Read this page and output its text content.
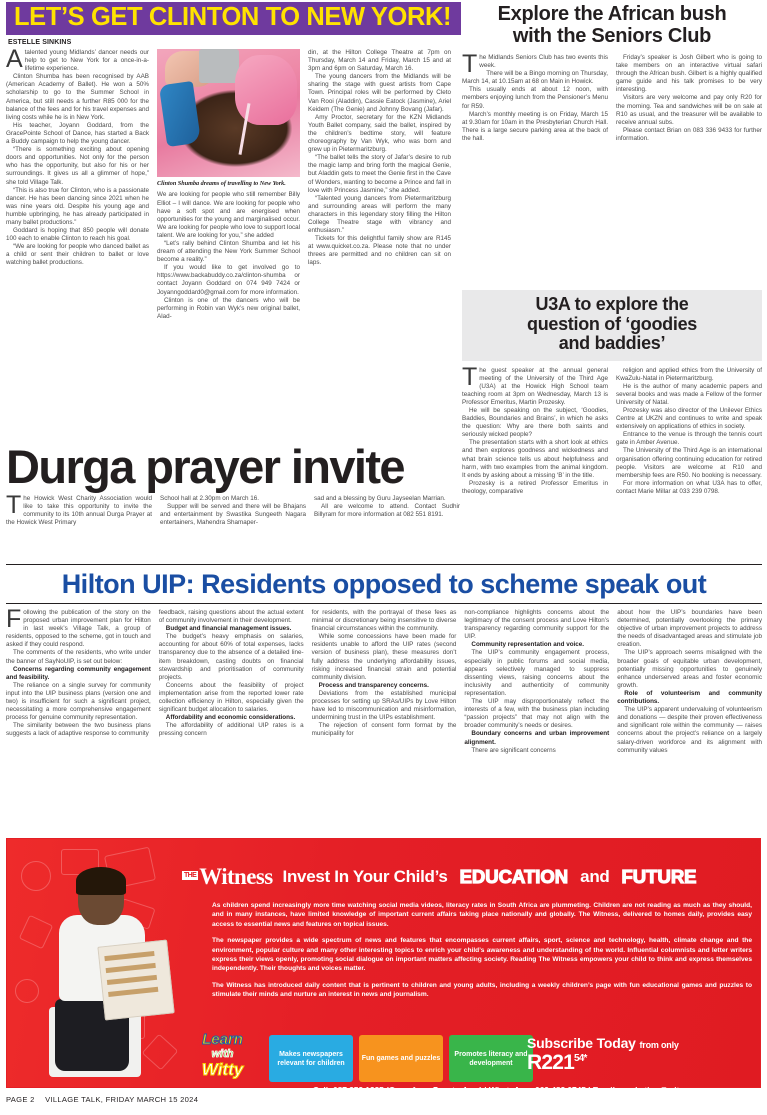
LET’S GET CLINTON TO NEW YORK!
ESTELLE SINKINS

Atalented young Midlands’ dancer needs our help to get to New York for a once-in-a-lifetime experience.

Clinton Shumba has been recognised by AAB (American Academy of Ballet). He won a 50% scholarship to go to the Summer School in America, but still needs a further R85 000 for the balance of the fees and for his travel expenses and living costs while he is in New York.

His teacher, Joyann Goddard, from the GracePointe School of Dance, has started a Back a Buddy campaign to help the young dancer.

“There is something exciting about opening doors and opportunities. Not only for the person who has the opportunity, but also for his or her surroundings. It gives us all a glimmer of hope,” she told Village Talk.

“This is also true for Clinton, who is a passionate dancer. He has been dancing since 2021 when he was nine years old. Despite his young age and humble upbringing, he has already participated in many ballet productions.”

Goddard is hoping that 850 people will donate 100 each to enable Clinton to reach his goal.

“We are looking for people who danced ballet as a child or sent their children to ballet or love watching ballet productions.

Clinton Shumba dreams of travelling to New York.

We are looking for people who still remember Billy Elliot – I will dance. We are looking for people who have a soft spot and are energised when opportunities for the young and marginalised occur. We are looking for people who love to support local talent. We are looking for you,” she added

“Let’s rally behind Clinton Shumba and let his dream of attending the New York Summer School become a reality.”

If you would like to get involved go to https://www.backabuddy.co.za/clinton-shumba or contact Joyann Goddard on 074 949 7424 or Joyanngoddard0@gmail.com for more information.

Clinton is one of the dancers who will be performing in Robin van Wyk’s new original ballet, Alad-

din, at the Hilton College Theatre at 7pm on Thursday, March 14 and Friday, March 15 and at 3pm and 6pm on Saturday, March 16.

The young dancers from the Midlands will be sharing the stage with guest artists from Cape Town. Principal roles will be performed by Cleto Van Rooi (Aladdin), Cassie Eatock (Jasmine), Ariel Keidem (The Genie) and Johnny Bovang (Jafar).

Amy Proctor, secretary for the KZN Midlands Youth Ballet company, said the ballet, inspired by the children’s bedtime story, will feature choreography by Van Wyk, who was born and grew up in Pietermaritzburg.

“The ballet tells the story of Jafar’s desire to rub the magic lamp and bring forth the magical Genie, but Aladdin gets to meet the Genie first in the Cave of Wonders, wanting to become a Prince and fall in love with Princess Jasmine,” she added.

“Talented young dancers from Pietermaritzburg and surrounding areas will perform the many characters in this legendary story filling the Hilton College Theatre stage with vibrancy and enthusiasm.”

Tickets for this delightful family show are R145 at www.quicket.co.za. Please note that no under threes are permitted and no children can sit on laps.

Explore the African bush
with the Seniors Club

The Midlands Seniors Club has two events this week.

There will be a Bingo morning on Thursday, March 14, at 10.15am at 68 on Main in Howick.

This usually ends at about 12 noon, with members enjoying lunch from the Pensioner’s Menu for R59.

March’s monthly meeting is on Friday, March 15 at 9.30am for 10am in the Presbyterian Church Hall. There is a large secure parking area at the back of the hall.

Friday’s speaker is Josh Gilbert who is going to take members on an interactive virtual safari through the African bush. Gilbert is a highly qualified game guide and his talk promises to be very interesting.

Visitors are very welcome and pay only R20 for the morning. Tea and sandwiches will be on sale at R10 as usual, and the treasurer will be available to receive annual subs.

Please contact Brian on 083 336 9433 for further information.

U3A to explore the
question of ‘goodies
and baddies’

The guest speaker at the annual general meeting of the University of the Third Age (U3A) at the Howick High School team teaching room at 3pm on Wednesday, March 13 is Professor Emeritus, Martin Prozesky.

He will be speaking on the subject, ‘Goodies, Baddies, Boundaries and Brains’, in which he asks the question: Why are there both saints and seriously wicked people?

The presentation starts with a short look at ethics and then explores goodness and wickedness and what brain science tells us about helpfulness and harm, with two examples from the animal kingdom. It ends by asking about a missing ‘B’ in the title.

Prozesky is a retired Professor Emeritus in theology, comparative

religion and applied ethics from the University of KwaZulu-Natal in Pietermaritzburg.

He is the author of many academic papers and several books and was made a Fellow of the former University of Natal.

Prozesky was also director of the Unilever Ethics Centre at UKZN and continues to write and speak extensively on applications of ethics in society.

Entrance to the venue is through the tennis court gate in Amber Avenue.

The University of the Third Age is an international organisation offering continuing education for retired people. Visitors are welcome at R10 and membership fees are R50. No booking is necessary.

For more information on what U3A has to offer, contact Marie Millar at 033 239 0798.

Durga prayer invite

The Howick West Charity Association would like to take this opportunity to invite the community to its 10th annual Durga Prayer at the Howick West Primary

School hall at 2.30pm on March 16.

Supper will be served and there will be Bhajans and entertainment by Swastika Sungeeth Nagara entertainers, Mahendra Shamaper-

sad and a blessing by Guru Jayseelan Marrian.

All are welcome to attend. Contact Sudhir Billyram for more information at 082 551 8191.

Hilton UIP: Residents opposed to scheme speak out

Following the publication of the story on the proposed urban improvement plan for Hilton in last week’s Village Talk, a group of residents, opposed to the scheme, got in touch and asked if they could respond.

The comments of the residents, who write under the banner of SayNoUIP, is set out below:

Concerns regarding community engagement and feasibility.

The reliance on a single survey for community input into the UIP business plans (version one and two) is insufficient for such a significant project, necessitating a more comprehensive engagement process for genuine community representation.

The similarity between the two business plans suggests a lack of adaptive response to community

feedback, raising questions about the actual extent of community involvement in their development.

Budget and financial management issues.

The budget’s heavy emphasis on salaries, accounting for about 60% of total expenses, lacks transparency due to the absence of a detailed line-item breakdown, casting doubts on financial stewardship and prioritisation of community projects.

Concerns about the feasibility of project implementation arise from the reported lower rate collection efficiency in Hilton, especially given the significant budget allocation to salaries.

Affordability and economic considerations.

The affordability of additional UIP rates is a pressing concern

for residents, with the portrayal of these fees as minimal or discretionary being insensitive to diverse financial circumstances within the community.

While some concessions have been made for residents unable to afford the UIP rates (second version of business plan), these measures don’t fully address the underlying affordability issues, risking increased financial strain and potential community division.

Process and transparency concerns.

Deviations from the established municipal processes for setting up SRAs/UIPs by Love Hilton have led to miscommunication and misinformation, undermining trust in the UIPs establishment.

The rejection of consent form format by the municipality for

non-compliance highlights concerns about the legitimacy of the consent process and Love Hilton’s transparency regarding community support for the UIP.

Community representation and voice.

The UIP’s community engagement process, especially in public forums and social media, appears selectively managed to suppress dissenting views, raising concerns about the inclusivity and authenticity of community representation.

The UIP may disproportionately reflect the interests of a few, with the business plan including “passion projects” that may not align with the broader community’s needs or desires.

Boundary concerns and urban improvement alignment.

There are significant concerns

about how the UIP’s boundaries have been determined, potentially overlooking the primary objective of urban improvement projects to address the needs of disadvantaged areas and stimulate job creation.

The UIP’s approach seems misaligned with the broader goals of equitable urban development, potentially missing opportunities to genuinely enhance underserved areas and foster economic growth.

Role of volunteerism and community contributions.

The UIP’s apparent undervaluing of volunteerism and donations — despite their proven effectiveness and significant role within the community — raises concerns about the project’s reliance on a largely salary-driven workforce and its alignment with community values

THE Witness Invest In Your Child’s EDUCATION and FUTURE

As children spend increasingly more time watching social media videos, literacy rates in South Africa are plummeting. Children are not reading as much as they should, and in many instances, have limited knowledge of important current affairs taking place nationally and globally. The Witness, delivered to homes daily, provides easy access to essential news and features on topical issues.

The newspaper provides a wide spectrum of news and features that encompasses current affairs, sport, science and technology, health, climate change and the environment, popular culture and many other interesting topics to enrich your child’s awareness and understanding of the world. Influential columnists and letter writers express their views openly, promoting social dialogue on important matters affecting society. Reading The Witness empowers your child to think and express themselves independently. Their thoughts and voices matter.

The Witness has introduced daily content that is pertinent to children and young adults, including a weekly children’s page with fun educational games and puzzles to stimulate their minds and nurture an interest in news and journalism.

Learn
with
Witty
Makes newspapers relevant for children
Fun games and puzzles
Promotes literacy and development
Subscribe Today from only
$R221^{54*}$
Call: 087 353 1335 (Open from 7am to 4pm) | WhatsApp: 069 483 0745 | Email: marketing@witness.co.za
*R221.54 per month on debit or R246.13 per month on credit card/EFT (minimum three months). Pensioners discount on debit R185.24 per month. Terms and Conditions apply. E&OE.
PAGE 2 VILLAGE TALK, FRIDAY MARCH 15 2024
